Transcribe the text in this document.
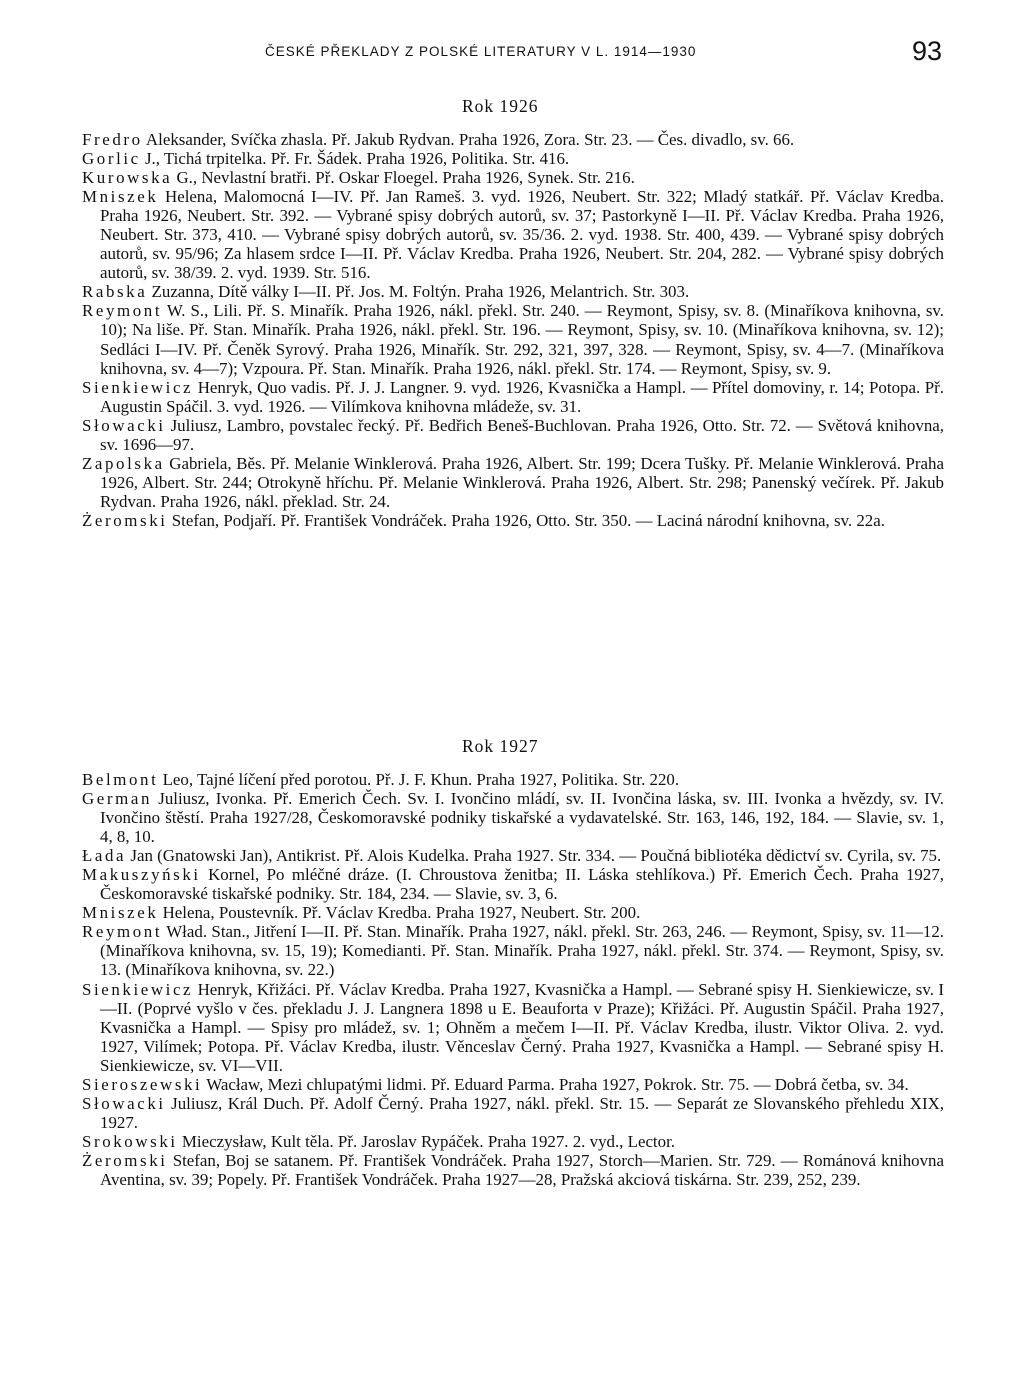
ČESKÉ PŘEKLADY Z POLSKÉ LITERATURY V L. 1914—1930	93
Rok 1926

Fredro Aleksander, Svíčka zhasla. Př. Jakub Rydvan. Praha 1926, Zora. Str. 23. — Čes. divadlo, sv. 66.

Gorlic J., Tichá trpitelka. Př. Fr. Šádek. Praha 1926, Politika. Str. 416.

Kurowska G., Nevlastní bratři. Př. Oskar Floegel. Praha 1926, Synek. Str. 216.

Mniszek Helena, Malomocná I—IV. Př. Jan Rameš. 3. vyd. 1926, Neubert. Str. 322; Mladý statkář. Př. Václav Kredba. Praha 1926, Neubert. Str. 392. — Vybrané spisy dobrých autorů, sv. 37; Pastorkyně I—II. Př. Václav Kredba. Praha 1926, Neubert. Str. 373, 410. — Vybrané spisy dobrých autorů, sv. 35/36. 2. vyd. 1938. Str. 400, 439. — Vybrané spisy dobrých autorů, sv. 95/96; Za hlasem srdce I—II. Př. Václav Kredba. Praha 1926, Neubert. Str. 204, 282. — Vybrané spisy dobrých autorů, sv. 38/39. 2. vyd. 1939. Str. 516.

Rabska Zuzanna, Dítě války I—II. Př. Jos. M. Foltýn. Praha 1926, Melantrich. Str. 303.

Reymont W. S., Lili. Př. S. Minařík. Praha 1926, nákl. překl. Str. 240. — Reymont, Spisy, sv. 8. (Minaříkova knihovna, sv. 10); Na liše. Př. Stan. Minařík. Praha 1926, nákl. překl. Str. 196. — Reymont, Spisy, sv. 10. (Minaříkova knihovna, sv. 12); Sedláci I—IV. Př. Čeněk Syrový. Praha 1926, Minařík. Str. 292, 321, 397, 328. — Reymont, Spisy, sv. 4—7. (Minaříkova knihovna, sv. 4—7); Vzpoura. Př. Stan. Minařík. Praha 1926, nákl. překl. Str. 174. — Reymont, Spisy, sv. 9.

Sienkiewicz Henryk, Quo vadis. Př. J. J. Langner. 9. vyd. 1926, Kvasnička a Hampl. — Přítel domoviny, r. 14; Potopa. Př. Augustin Spáčil. 3. vyd. 1926. — Vilímkova knihovna mládeže, sv. 31.

Słowacki Juliusz, Lambro, povstalec řecký. Př. Bedřich Beneš-Buchlovan. Praha 1926, Otto. Str. 72. — Světová knihovna, sv. 1696—97.

Zapolska Gabriela, Běs. Př. Melanie Winklerová. Praha 1926, Albert. Str. 199; Dcera Tušky. Př. Melanie Winklerová. Praha 1926, Albert. Str. 244; Otrokyně hříchu. Př. Melanie Winklerová. Praha 1926, Albert. Str. 298; Panenský večírek. Př. Jakub Rydvan. Praha 1926, nákl. překlad. Str. 24.

Żeromski Stefan, Podjaří. Př. František Vondráček. Praha 1926, Otto. Str. 350. — Laciná národní knihovna, sv. 22a.

Rok 1927

Belmont Leo, Tajné líčení před porotou. Př. J. F. Khun. Praha 1927, Politika. Str. 220.

German Juliusz, Ivonka. Př. Emerich Čech. Sv. I. Ivončino mládí, sv. II. Ivončina láska, sv. III. Ivonka a hvězdy, sv. IV. Ivončino štěstí. Praha 1927/28, Českomoravské podniky tiskařské a vydavatelské. Str. 163, 146, 192, 184. — Slavie, sv. 1, 4, 8, 10.

Łada Jan (Gnatowski Jan), Antikrist. Př. Alois Kudelka. Praha 1927. Str. 334. — Poučná bibliotéka dědictví sv. Cyrila, sv. 75.

Makuszyński Kornel, Po mléčné dráze. (I. Chroustova ženitba; II. Láska stehlíkova.) Př. Emerich Čech. Praha 1927, Českomoravské tiskařské podniky. Str. 184, 234. — Slavie, sv. 3, 6.

Mniszek Helena, Poustevník. Př. Václav Kredba. Praha 1927, Neubert. Str. 200.

Reymont Wład. Stan., Jitření I—II. Př. Stan. Minařík. Praha 1927, nákl. překl. Str. 263, 246. — Reymont, Spisy, sv. 11—12. (Minaříkova knihovna, sv. 15, 19); Komedianti. Př. Stan. Minařík. Praha 1927, nákl. překl. Str. 374. — Reymont, Spisy, sv. 13. (Minaříkova knihovna, sv. 22.)

Sienkiewicz Henryk, Křižáci. Př. Václav Kredba. Praha 1927, Kvasnička a Hampl. — Sebrané spisy H. Sienkiewicze, sv. I—II. (Poprvé vyšlo v čes. překladu J. J. Langnera 1898 u E. Beauforta v Praze); Křižáci. Př. Augustin Spáčil. Praha 1927, Kvasnička a Hampl. — Spisy pro mládež, sv. 1; Ohněm a mečem I—II. Př. Václav Kredba, ilustr. Viktor Oliva. 2. vyd. 1927, Vilímek; Potopa. Př. Václav Kredba, ilustr. Věnceslav Černý. Praha 1927, Kvasnička a Hampl. — Sebrané spisy H. Sienkiewicze, sv. VI—VII.

Sieroszewski Wacław, Mezi chlupatými lidmi. Př. Eduard Parma. Praha 1927, Pokrok. Str. 75. — Dobrá četba, sv. 34.

Słowacki Juliusz, Král Duch. Př. Adolf Černý. Praha 1927, nákl. překl. Str. 15. — Separát ze Slovanského přehledu XIX, 1927.

Srokowski Mieczysław, Kult těla. Př. Jaroslav Rypáček. Praha 1927. 2. vyd., Lector.

Żeromski Stefan, Boj se satanem. Př. František Vondráček. Praha 1927, Storch—Marien. Str. 729. — Románová knihovna Aventina, sv. 39; Popely. Př. František Vondráček. Praha 1927—28, Pražská akciová tiskárna. Str. 239, 252, 239.
